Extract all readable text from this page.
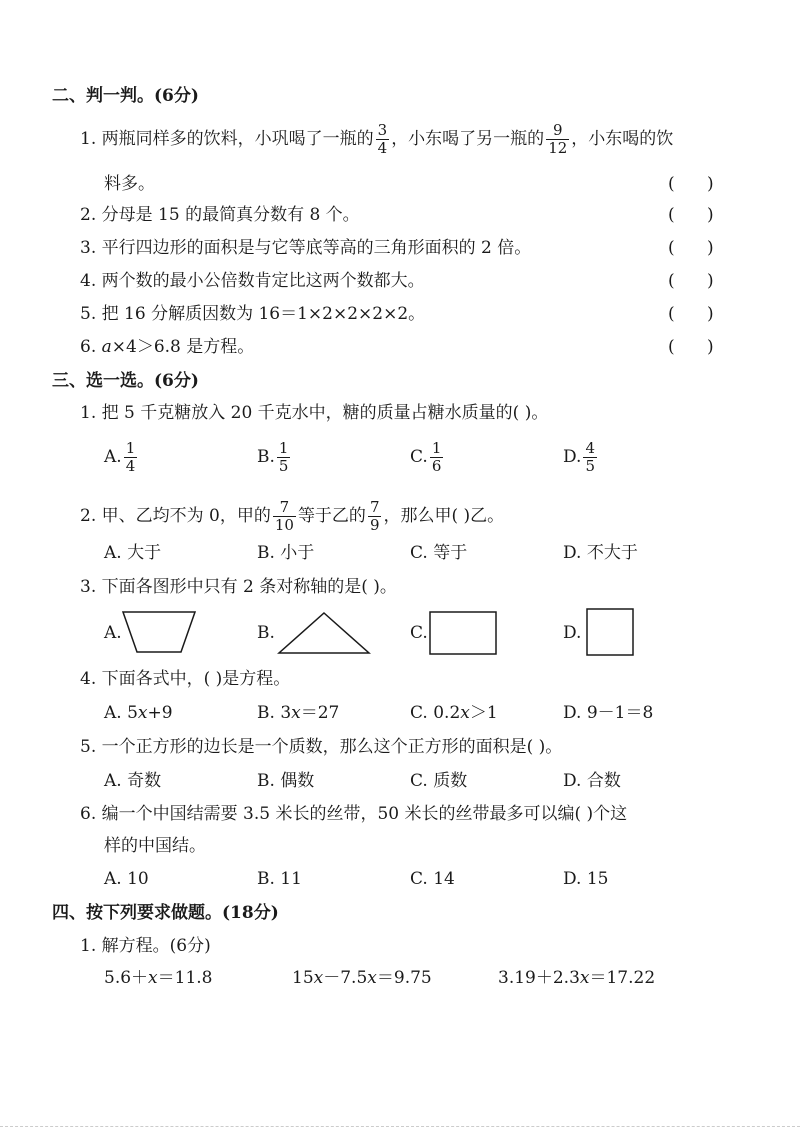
二、判一判。(6分)
1. 两瓶同样多的饮料，小巩喝了一瓶的 $\frac{3}{4}$ ，小东喝了另一瓶的 $\frac{9}{12}$ ，小东喝的饮
料多。	(      )
2. 分母是 15 的最简真分数有 8 个。	(      )
3. 平行四边形的面积是与它等底等高的三角形面积的 2 倍。	(      )
4. 两个数的最小公倍数肯定比这两个数都大。	(      )
5. 把 16 分解质因数为 16＝1×2×2×2×2。	(      )
6. a×4＞6.8 是方程。	(      )
三、选一选。(6分)
1. 把 5 千克糖放入 20 千克水中，糖的质量占糖水质量的( )。
A. $\frac{1}{4}$	B. $\frac{1}{5}$	C. $\frac{1}{6}$	D. $\frac{4}{5}$
2. 甲、乙均不为 0，甲的 $\frac{7}{10}$ 等于乙的 $\frac{7}{9}$ ，那么甲( )乙。
A. 大于	B. 小于	C. 等于	D. 不大于
3. 下面各图形中只有 2 条对称轴的是( )。
A.	B.	C.	D.
4. 下面各式中，( )是方程。
A. 5x+9	B. 3x＝27	C. 0.2x＞1	D. 9－1＝8
5. 一个正方形的边长是一个质数，那么这个正方形的面积是( )。
A. 奇数	B. 偶数	C. 质数	D. 合数
6. 编一个中国结需要 3.5 米长的丝带，50 米长的丝带最多可以编( )个这
样的中国结。
A. 10	B. 11	C. 14	D. 15
四、按下列要求做题。(18分)
1. 解方程。(6分)
5.6＋x＝11.8	15x－7.5x＝9.75	3.19＋2.3x＝17.22
